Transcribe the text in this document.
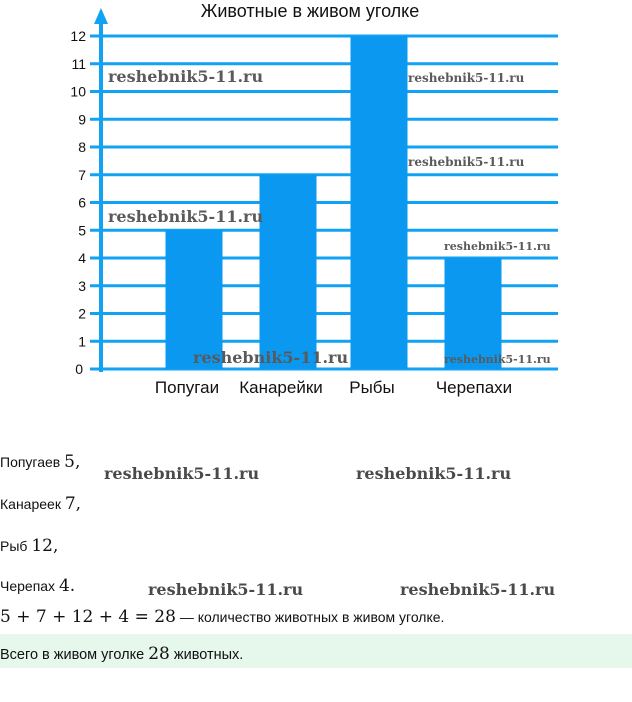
Животные в живом уголке
0
1
2
3
4
5
6
7
8
9
10
11
12
Попугаи Канарейки Рыбы Черепахи
reshebnik5-11.ru	reshebnik5-11.ru
reshebnik5-11.ru
reshebnik5-11.ru
reshebnik5-11.ru
reshebnik5-11.ru	reshebnik5-11.ru
Попугаев 5,
Канареек 7,
Рыб 12,
Черепах 4.
5 + 7 + 12 + 4 = 28 — количество животных в живом уголке.
Всего в живом уголке 28 животных.
reshebnik5-11.ru	reshebnik5-11.ru
reshebnik5-11.ru	reshebnik5-11.ru
